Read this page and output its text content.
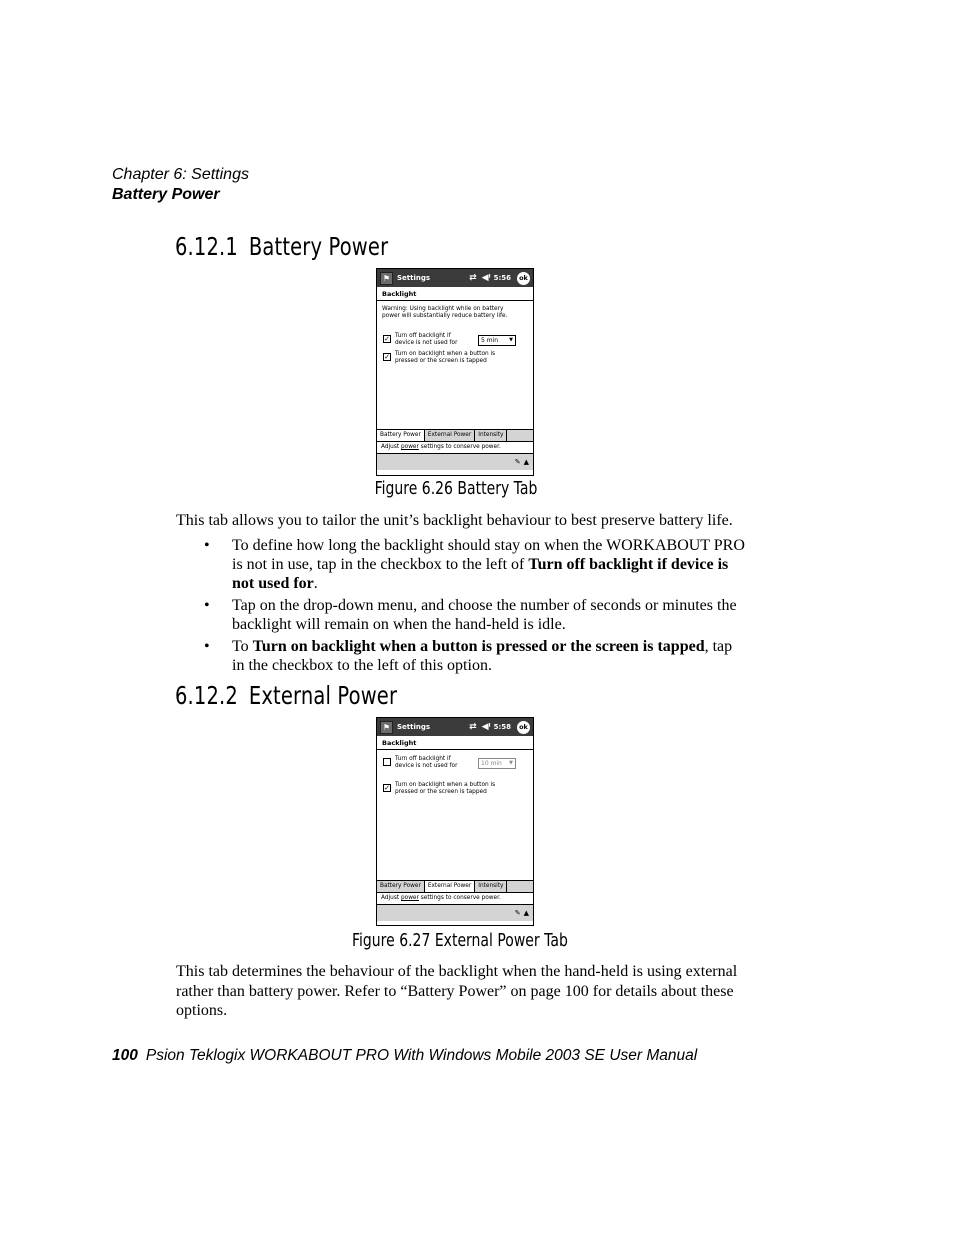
Chapter 6: Settings
Battery Power
6.12.1 Battery Power
⚑ Settings	⇄ ◀ᵎ 5:56	ok
Backlight
Warning: Using backlight while on battery power will substantially reduce battery life.
✓ Turn off backlight if device is not used for	5 min ▼
✓ Turn on backlight when a button is pressed or the screen is tapped
Battery Power	External Power	Intensity
Adjust power settings to conserve power.
✎ ▲
Figure 6.26 Battery Tab
This tab allows you to tailor the unit’s backlight behaviour to best preserve battery life.
• To define how long the backlight should stay on when the WORKABOUT PRO is not in use, tap in the checkbox to the left of Turn off backlight if device is not used for.
• Tap on the drop-down menu, and choose the number of seconds or minutes the backlight will remain on when the hand-held is idle.
• To Turn on backlight when a button is pressed or the screen is tapped, tap in the checkbox to the left of this option.
6.12.2 External Power
⚑ Settings	⇄ ◀ᵎ 5:58	ok
Backlight
Turn off backlight if device is not used for	10 min ▼
✓ Turn on backlight when a button is pressed or the screen is tapped
Battery Power	External Power	Intensity
Adjust power settings to conserve power.
✎ ▲
Figure 6.27 External Power Tab
This tab determines the behaviour of the backlight when the hand-held is using external rather than battery power. Refer to “Battery Power” on page 100 for details about these options.
100 Psion Teklogix WORKABOUT PRO With Windows Mobile 2003 SE User Manual
